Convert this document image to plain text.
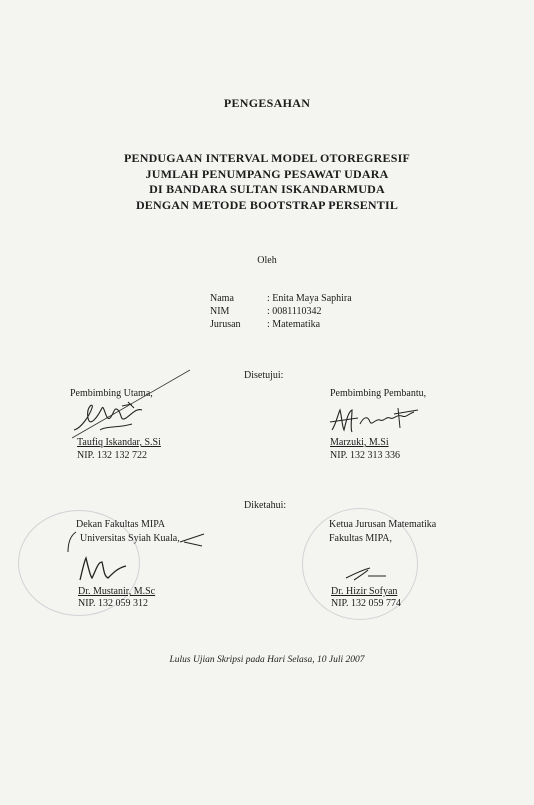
PENGESAHAN
PENDUGAAN INTERVAL MODEL OTOREGRESIF
JUMLAH PENUMPANG PESAWAT UDARA
DI BANDARA SULTAN ISKANDARMUDA
DENGAN METODE BOOTSTRAP PERSENTIL
Oleh
Nama	: Enita Maya Saphira
NIM	: 0081110342
Jurusan	: Matematika
Disetujui:
Pembimbing Utama,
Taufiq Iskandar, S.Si
NIP. 132 132 722
Pembimbing Pembantu,
Marzuki, M.Si
NIP. 132 313 336
Diketahui:
Dekan Fakultas MIPA
Universitas Syiah Kuala,
Dr. Mustanir, M.Sc
NIP. 132 059 312
Ketua Jurusan Matematika
Fakultas MIPA,
Dr. Hizir Sofyan
NIP. 132 059 774
Lulus Ujian Skripsi pada Hari Selasa, 10 Juli 2007
